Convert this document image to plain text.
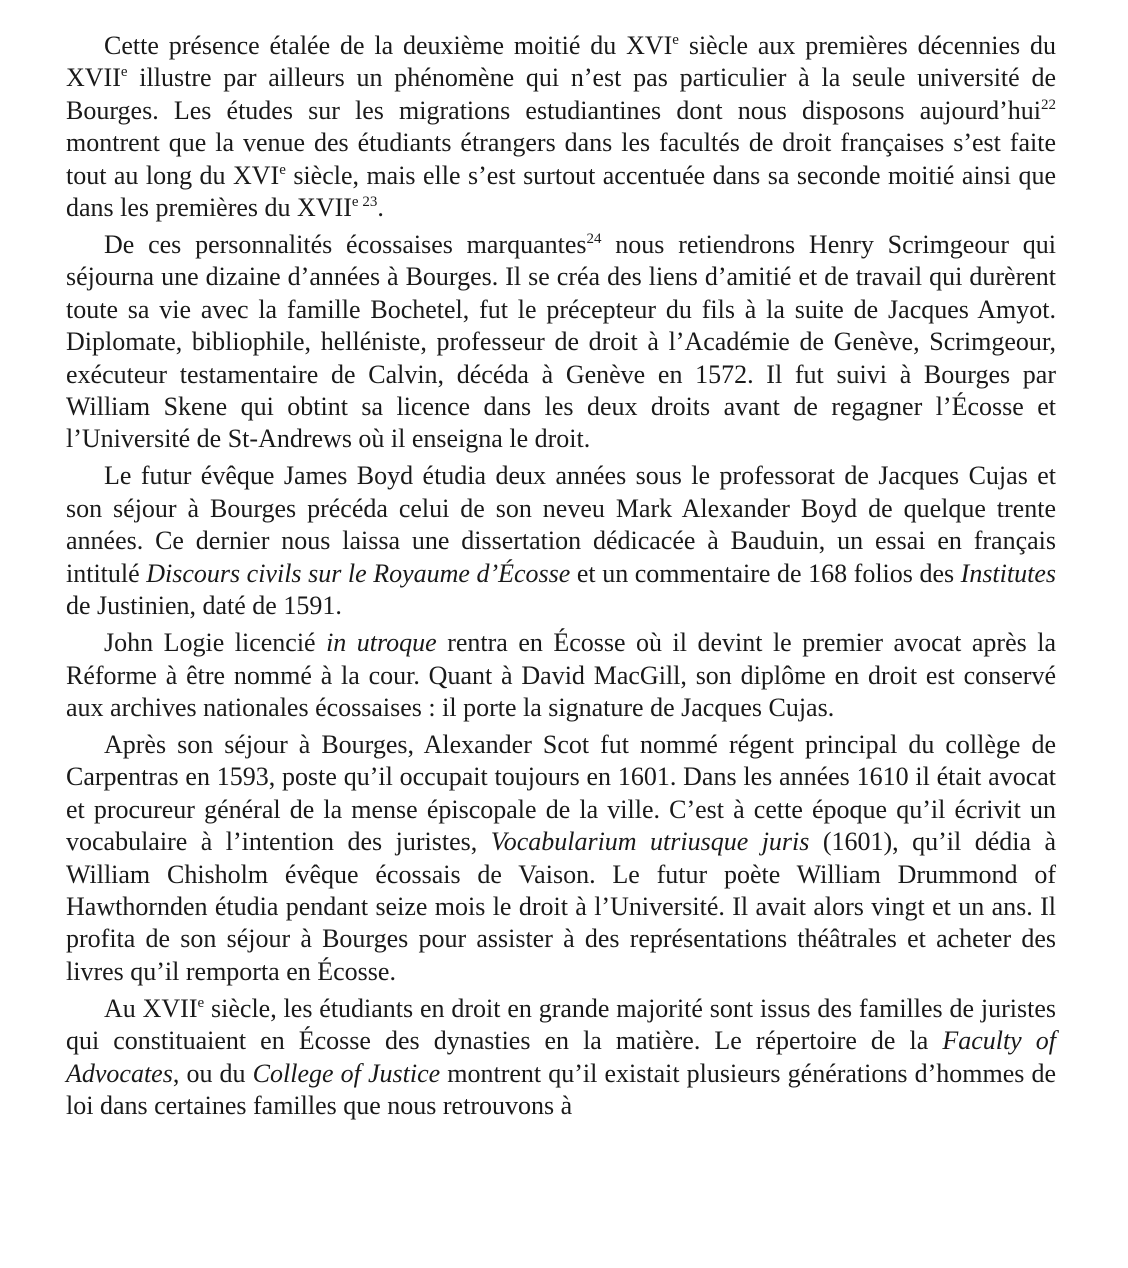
Cette présence étalée de la deuxième moitié du XVIe siècle aux premières décennies du XVIIe illustre par ailleurs un phénomène qui n’est pas particulier à la seule université de Bourges. Les études sur les migrations estudiantines dont nous disposons aujourd’hui$^{22}$ montrent que la venue des étudiants étrangers dans les facultés de droit françaises s’est faite tout au long du XVIe siècle, mais elle s’est surtout accentuée dans sa seconde moitié ainsi que dans les premières du $XVII^{e 23}$.

De ces personnalités écossaises marquantes$^{24}$ nous retiendrons Henry Scrimgeour qui séjourna une dizaine d’années à Bourges. Il se créa des liens d’amitié et de travail qui durèrent toute sa vie avec la famille Bochetel, fut le précepteur du fils à la suite de Jacques Amyot. Diplomate, bibliophile, helléniste, professeur de droit à l’Académie de Genève, Scrimgeour, exécuteur testamentaire de Calvin, décéda à Genève en 1572. Il fut suivi à Bourges par William Skene qui obtint sa licence dans les deux droits avant de regagner l’Écosse et l’Université de St-Andrews où il enseigna le droit.

Le futur évêque James Boyd étudia deux années sous le professorat de Jacques Cujas et son séjour à Bourges précéda celui de son neveu Mark Alexander Boyd de quelque trente années. Ce dernier nous laissa une dissertation dédicacée à Bauduin, un essai en français intitulé Discours civils sur le Royaume d’Écosse et un commentaire de 168 folios des Institutes de Justinien, daté de 1591.

John Logie licencié in utroque rentra en Écosse où il devint le premier avocat après la Réforme à être nommé à la cour. Quant à David MacGill, son diplôme en droit est conservé aux archives nationales écossaises : il porte la signature de Jacques Cujas.

Après son séjour à Bourges, Alexander Scot fut nommé régent principal du collège de Carpentras en 1593, poste qu’il occupait toujours en 1601. Dans les années 1610 il était avocat et procureur général de la mense épiscopale de la ville. C’est à cette époque qu’il écrivit un vocabulaire à l’intention des juristes, Vocabularium utriusque juris (1601), qu’il dédia à William Chisholm évêque écossais de Vaison. Le futur poète William Drummond of Hawthornden étudia pendant seize mois le droit à l’Université. Il avait alors vingt et un ans. Il profita de son séjour à Bourges pour assister à des représentations théâtrales et acheter des livres qu’il remporta en Écosse.

Au XVIIe siècle, les étudiants en droit en grande majorité sont issus des familles de juristes qui constituaient en Écosse des dynasties en la matière. Le répertoire de la Faculty of Advocates, ou du College of Justice montrent qu’il existait plusieurs générations d’hommes de loi dans certaines familles que nous retrouvons à
